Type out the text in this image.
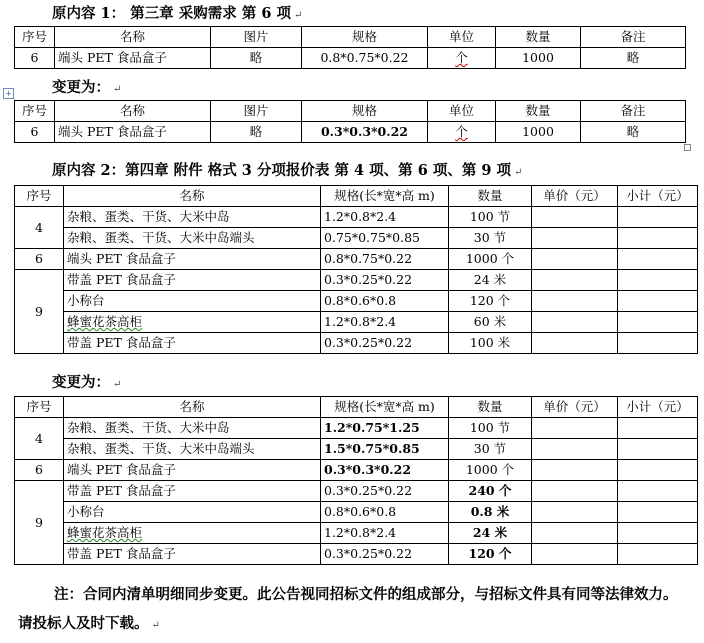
原内容 1： 第三章 采购需求 第 6 项 ↵
序号	名称	图片	规格	单位	数量	备注
6	端头 PET 食品盒子	略	0.8*0.75*0.22	个	1000	略
变更为： ↵
+
序号	名称	图片	规格	单位	数量	备注
6	端头 PET 食品盒子	略	0.3*0.3*0.22	个	1000	略
原内容 2：第四章 附件 格式 3 分项报价表 第 4 项、第 6 项、第 9 项 ↵
序号	名称	规格(长*宽*高 m)	数量	单价（元）	小计（元）
4	杂粮、蛋类、干货、大米中岛	1.2*0.8*2.4	100 节		
	杂粮、蛋类、干货、大米中岛端头	0.75*0.75*0.85	30 节		
6	端头 PET 食品盒子	0.8*0.75*0.22	1000 个		
9	带盖 PET 食品盒子	0.3*0.25*0.22	24 米		
	小称台	0.8*0.6*0.8	120 个		
	蜂蜜花茶高柜	1.2*0.8*2.4	60 米		
	带盖 PET 食品盒子	0.3*0.25*0.22	100 米		
变更为： ↵
序号	名称	规格(长*宽*高 m)	数量	单价（元）	小计（元）
4	杂粮、蛋类、干货、大米中岛	1.2*0.75*1.25	100 节		
	杂粮、蛋类、干货、大米中岛端头	1.5*0.75*0.85	30 节		
6	端头 PET 食品盒子	0.3*0.3*0.22	1000 个		
9	带盖 PET 食品盒子	0.3*0.25*0.22	240 个		
	小称台	0.8*0.6*0.8	0.8 米		
	蜂蜜花茶高柜	1.2*0.8*2.4	24 米		
	带盖 PET 食品盒子	0.3*0.25*0.22	120 个		
注：合同内清单明细同步变更。此公告视同招标文件的组成部分，与招标文件具有同等法律效力。请投标人及时下载。 ↵
